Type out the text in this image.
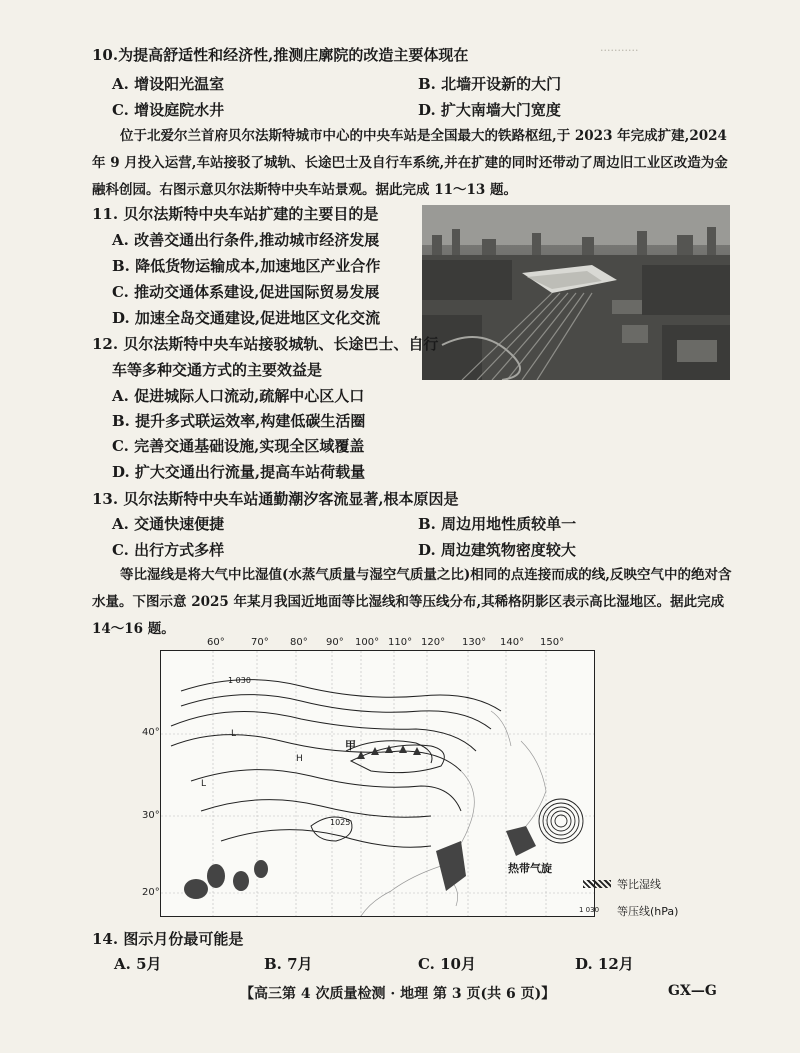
···········
10.为提高舒适性和经济性,推测庄廓院的改造主要体现在
A. 增设阳光温室	B. 北墙开设新的大门
C. 增设庭院水井	D. 扩大南墙大门宽度
位于北爱尔兰首府贝尔法斯特城市中心的中央车站是全国最大的铁路枢纽,于 2023 年完成扩建,2024 年 9 月投入运营,车站接驳了城轨、长途巴士及自行车系统,并在扩建的同时还带动了周边旧工业区改造为金融科创园。右图示意贝尔法斯特中央车站景观。据此完成 11～13 题。
11. 贝尔法斯特中央车站扩建的主要目的是
A. 改善交通出行条件,推动城市经济发展
B. 降低货物运输成本,加速地区产业合作
C. 推动交通体系建设,促进国际贸易发展
D. 加速全岛交通建设,促进地区文化交流
12. 贝尔法斯特中央车站接驳城轨、长途巴士、自行
车等多种交通方式的主要效益是
A. 促进城际人口流动,疏解中心区人口
B. 提升多式联运效率,构建低碳生活圈
C. 完善交通基础设施,实现全区域覆盖
D. 扩大交通出行流量,提高车站荷载量
13. 贝尔法斯特中央车站通勤潮汐客流显著,根本原因是
A. 交通快速便捷	B. 周边用地性质较单一
C. 出行方式多样	D. 周边建筑物密度较大
等比湿线是将大气中比湿值(水蒸气质量与湿空气质量之比)相同的点连接而成的线,反映空气中的绝对含水量。下图示意 2025 年某月我国近地面等比湿线和等压线分布,其稀格阴影区表示高比湿地区。据此完成 14～16 题。
60°	70° 80° 90° 100° 110° 120° 130° 140° 150°
40°
30°
20°
L
L
H
甲
1 030
1025
热带气旋
等比湿线
1 030 等压线(hPa)
14. 图示月份最可能是
A. 5月	B. 7月	C. 10月	D. 12月
【高三第 4 次质量检测 · 地理 第 3 页(共 6 页)】	GX—G
